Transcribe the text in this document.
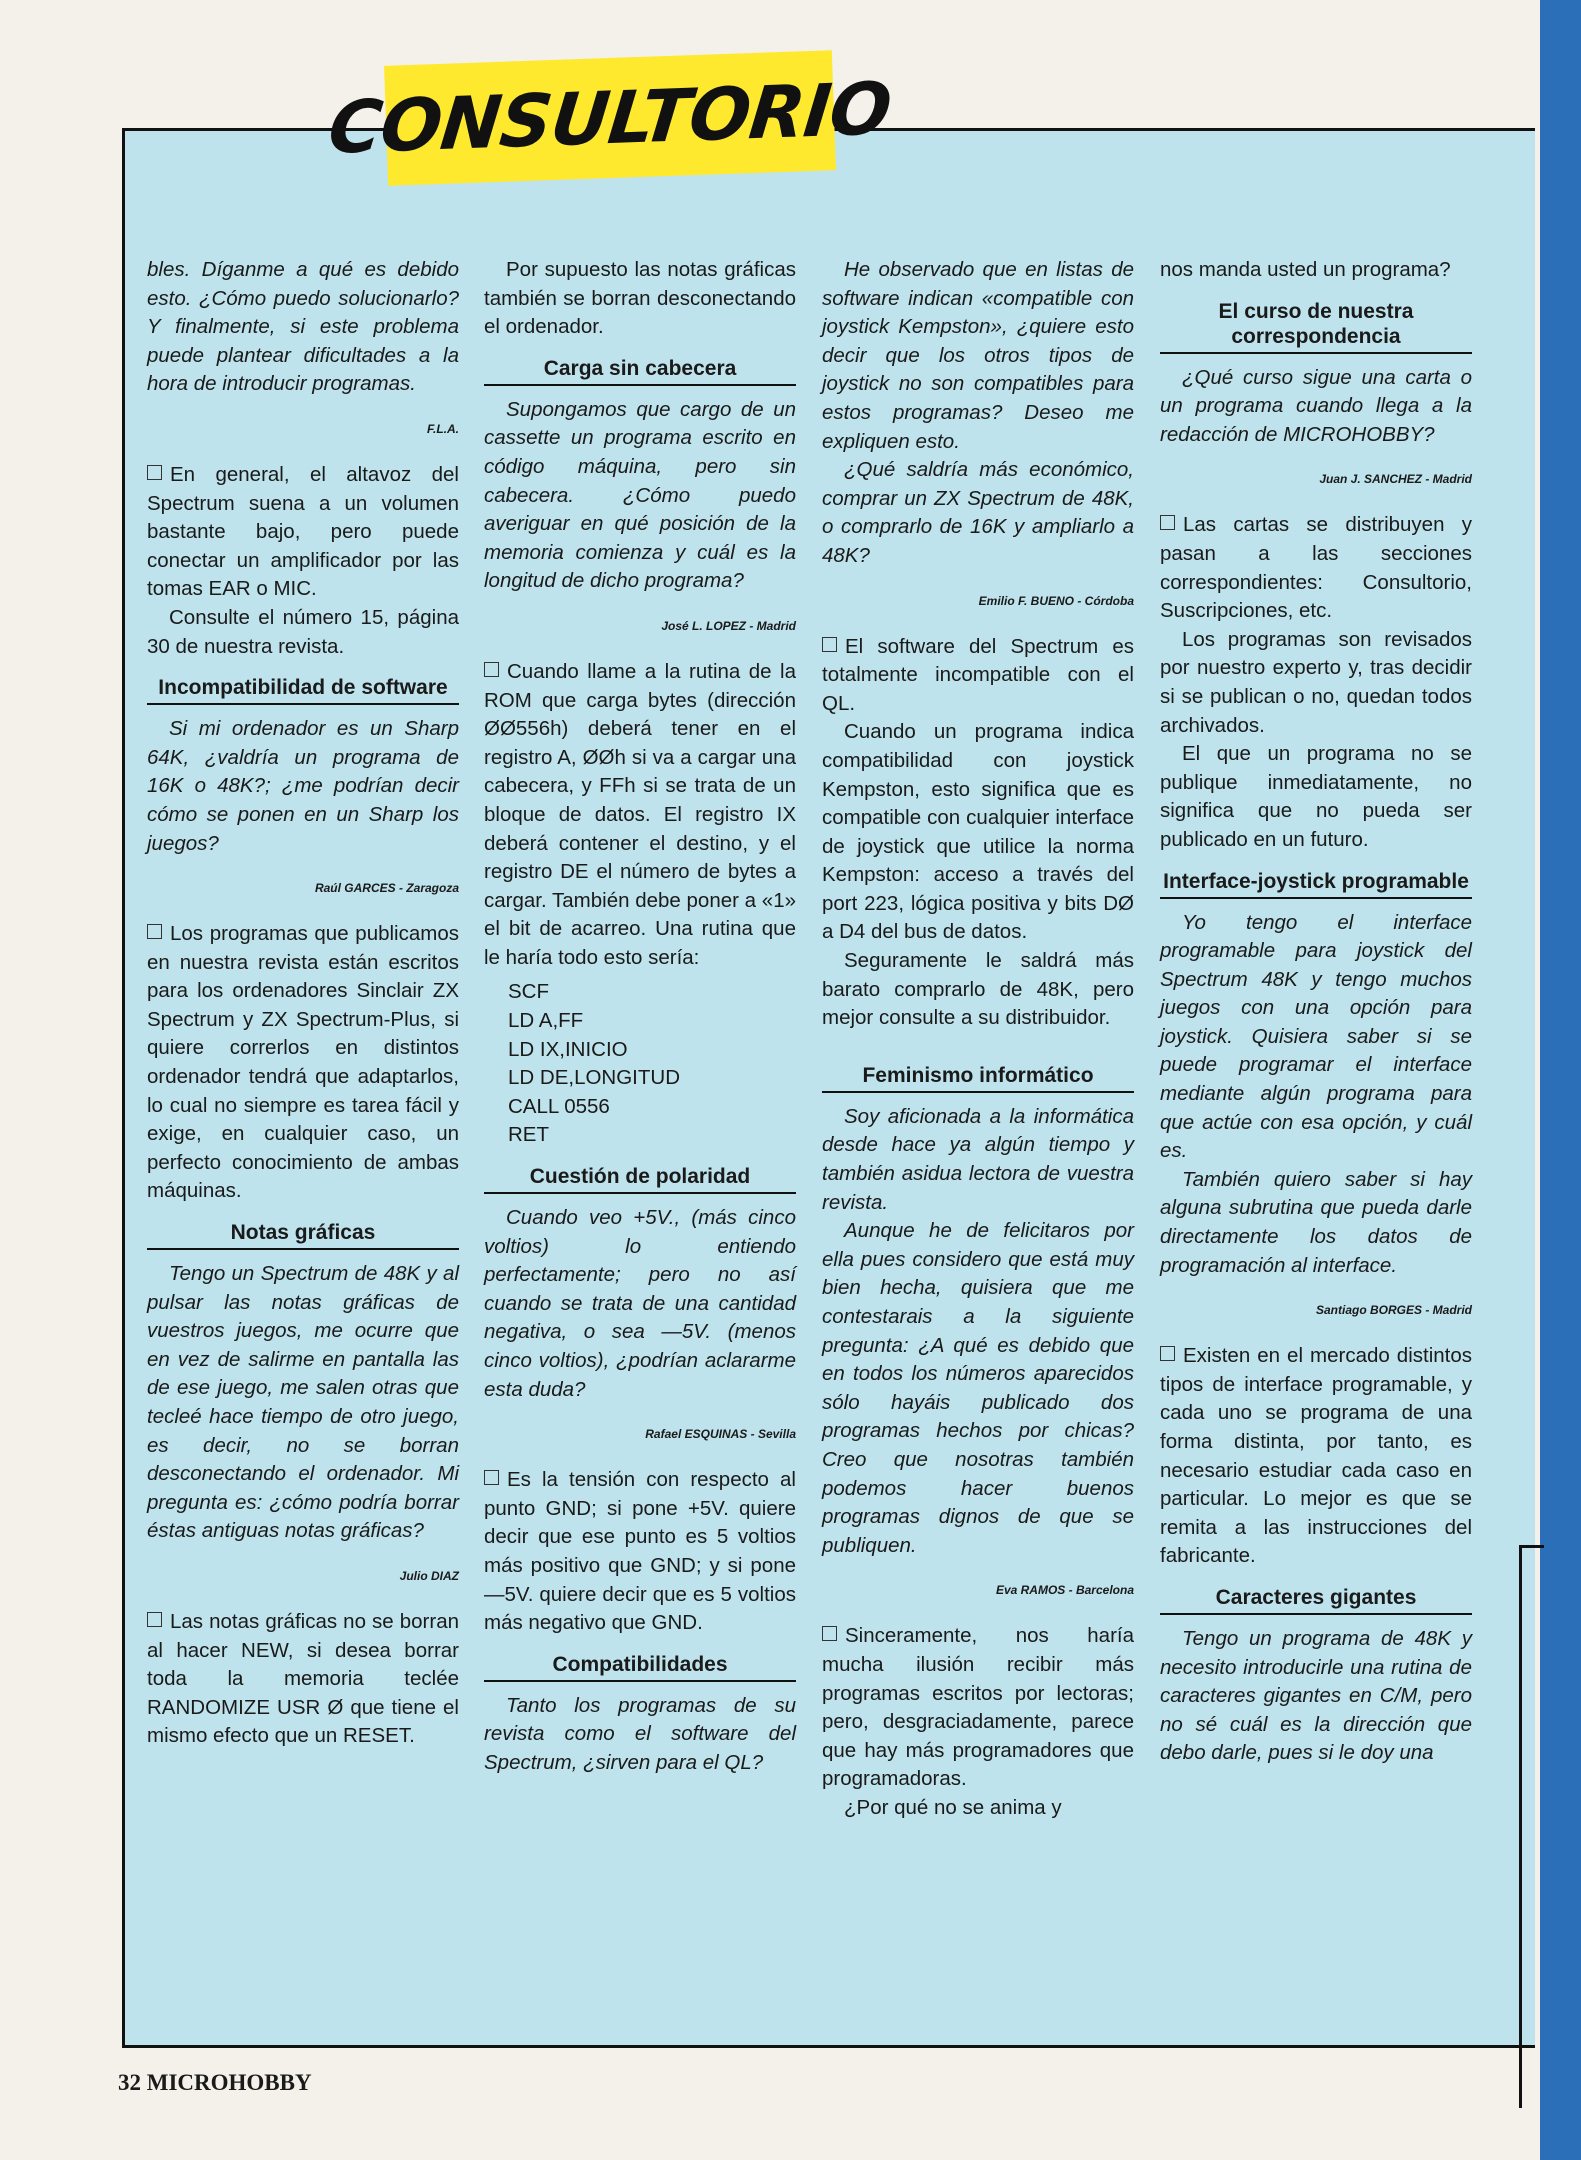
CONSULTORIO

bles. Díganme a qué es debido esto. ¿Cómo puedo solucionarlo? Y finalmente, si este problema puede plantear dificultades a la hora de introducir programas.

F.L.A.

En general, el altavoz del Spectrum suena a un volumen bastante bajo, pero puede conectar un amplificador por las tomas EAR o MIC.

Consulte el número 15, página 30 de nuestra revista.

Incompatibilidad de software

Si mi ordenador es un Sharp 64K, ¿valdría un programa de 16K o 48K?; ¿me podrían decir cómo se ponen en un Sharp los juegos?

Raúl GARCES - Zaragoza

Los programas que publicamos en nuestra revista están escritos para los ordenadores Sinclair ZX Spectrum y ZX Spectrum-Plus, si quiere correrlos en distintos ordenador tendrá que adaptarlos, lo cual no siempre es tarea fácil y exige, en cualquier caso, un perfecto conocimiento de ambas máquinas.

Notas gráficas

Tengo un Spectrum de 48K y al pulsar las notas gráficas de vuestros juegos, me ocurre que en vez de salirme en pantalla las de ese juego, me salen otras que tecleé hace tiempo de otro juego, es decir, no se borran desconectando el ordenador. Mi pregunta es: ¿cómo podría borrar éstas antiguas notas gráficas?

Julio DIAZ

Las notas gráficas no se borran al hacer NEW, si desea borrar toda la memoria teclée RANDOMIZE USR Ø que tiene el mismo efecto que un RESET.

Por supuesto las notas gráficas también se borran desconectando el ordenador.

Carga sin cabecera

Supongamos que cargo de un cassette un programa escrito en código máquina, pero sin cabecera. ¿Cómo puedo averiguar en qué posición de la memoria comienza y cuál es la longitud de dicho programa?

José L. LOPEZ - Madrid

Cuando llame a la rutina de la ROM que carga bytes (dirección ØØ556h) deberá tener en el registro A, ØØh si va a cargar una cabecera, y FFh si se trata de un bloque de datos. El registro IX deberá contener el destino, y el registro DE el número de bytes a cargar. También debe poner a «1» el bit de acarreo. Una rutina que le haría todo esto sería:

SCF
LD A,FF
LD IX,INICIO
LD DE,LONGITUD
CALL 0556
RET
Cuestión de polaridad

Cuando veo +5V., (más cinco voltios) lo entiendo perfectamente; pero no así cuando se trata de una cantidad negativa, o sea —5V. (menos cinco voltios), ¿podrían aclararme esta duda?

Rafael ESQUINAS - Sevilla

Es la tensión con respecto al punto GND; si pone +5V. quiere decir que ese punto es 5 voltios más positivo que GND; y si pone —5V. quiere decir que es 5 voltios más negativo que GND.

Compatibilidades

Tanto los programas de su revista como el software del Spectrum, ¿sirven para el QL?

He observado que en listas de software indican «compatible con joystick Kempston», ¿quiere esto decir que los otros tipos de joystick no son compatibles para estos programas? Deseo me expliquen esto.

¿Qué saldría más económico, comprar un ZX Spectrum de 48K, o comprarlo de 16K y ampliarlo a 48K?

Emilio F. BUENO - Córdoba

El software del Spectrum es totalmente incompatible con el QL.

Cuando un programa indica compatibilidad con joystick Kempston, esto significa que es compatible con cualquier interface de joystick que utilice la norma Kempston: acceso a través del port 223, lógica positiva y bits DØ a D4 del bus de datos.

Seguramente le saldrá más barato comprarlo de 48K, pero mejor consulte a su distribuidor.

Feminismo informático

Soy aficionada a la informática desde hace ya algún tiempo y también asidua lectora de vuestra revista.

Aunque he de felicitaros por ella pues considero que está muy bien hecha, quisiera que me contestarais a la siguiente pregunta: ¿A qué es debido que en todos los números aparecidos sólo hayáis publicado dos programas hechos por chicas? Creo que nosotras también podemos hacer buenos programas dignos de que se publiquen.

Eva RAMOS - Barcelona

Sinceramente, nos haría mucha ilusión recibir más programas escritos por lectoras; pero, desgraciadamente, parece que hay más programadores que programadoras.

¿Por qué no se anima y

nos manda usted un programa?

El curso de nuestra correspondencia

¿Qué curso sigue una carta o un programa cuando llega a la redacción de MICROHOBBY?

Juan J. SANCHEZ - Madrid

Las cartas se distribuyen y pasan a las secciones correspondientes: Consultorio, Suscripciones, etc.

Los programas son revisados por nuestro experto y, tras decidir si se publican o no, quedan todos archivados.

El que un programa no se publique inmediatamente, no significa que no pueda ser publicado en un futuro.

Interface-joystick programable

Yo tengo el interface programable para joystick del Spectrum 48K y tengo muchos juegos con una opción para joystick. Quisiera saber si se puede programar el interface mediante algún programa para que actúe con esa opción, y cuál es.

También quiero saber si hay alguna subrutina que pueda darle directamente los datos de programación al interface.

Santiago BORGES - Madrid

Existen en el mercado distintos tipos de interface programable, y cada uno se programa de una forma distinta, por tanto, es necesario estudiar cada caso en particular. Lo mejor es que se remita a las instrucciones del fabricante.

Caracteres gigantes

Tengo un programa de 48K y necesito introducirle una rutina de caracteres gigantes en C/M, pero no sé cuál es la dirección que debo darle, pues si le doy una

32 MICROHOBBY
